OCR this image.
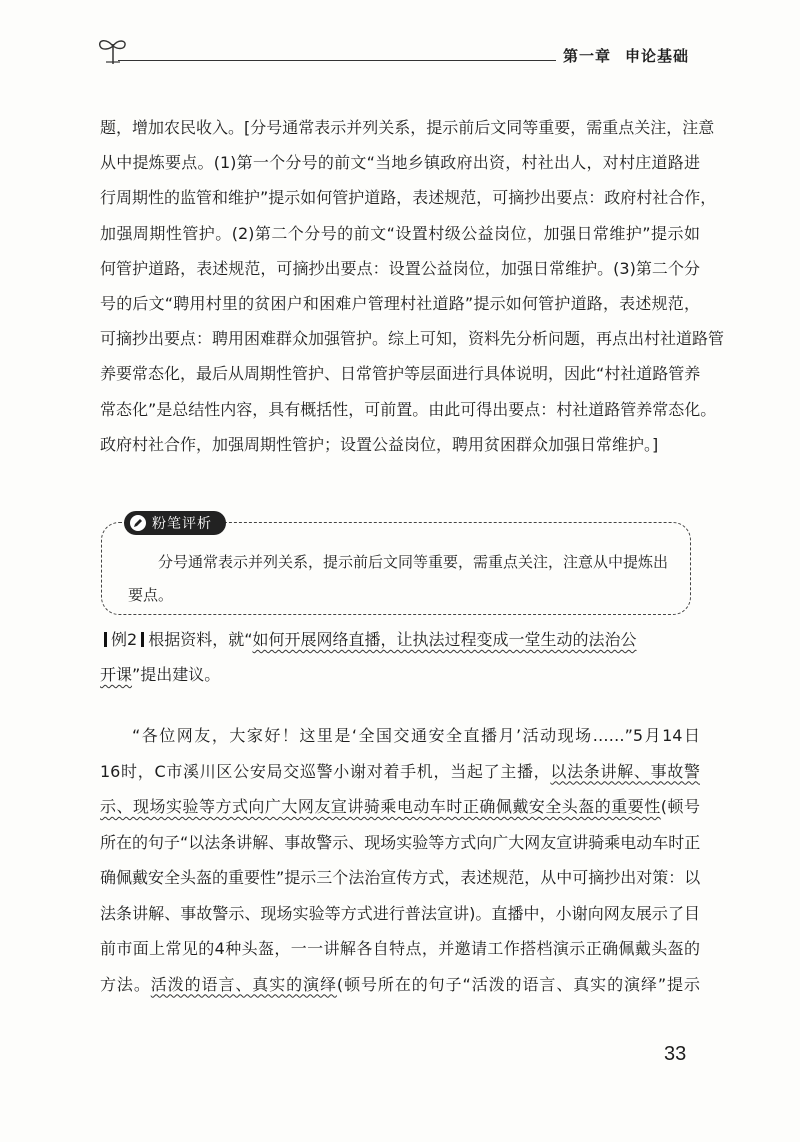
第一章 申论基础
题，增加农民收入。[分号通常表示并列关系，提示前后文同等重要，需重点关注，注意
从中提炼要点。(1)第一个分号的前文“当地乡镇政府出资，村社出人，对村庄道路进
行周期性的监管和维护”提示如何管护道路，表述规范，可摘抄出要点：政府村社合作，
加强周期性管护。(2)第二个分号的前文“设置村级公益岗位，加强日常维护”提示如
何管护道路，表述规范，可摘抄出要点：设置公益岗位，加强日常维护。(3)第二个分
号的后文“聘用村里的贫困户和困难户管理村社道路”提示如何管护道路，表述规范，
可摘抄出要点：聘用困难群众加强管护。综上可知，资料先分析问题，再点出村社道路管
养要常态化，最后从周期性管护、日常管护等层面进行具体说明，因此“村社道路管养
常态化”是总结性内容，具有概括性，可前置。由此可得出要点：村社道路管养常态化。
政府村社合作，加强周期性管护；设置公益岗位，聘用贫困群众加强日常维护。]
粉笔评析
分号通常表示并列关系，提示前后文同等重要，需重点关注，注意从中提炼出
要点。
例2 根据资料，就“如何开展网络直播，让执法过程变成一堂生动的法治公
开课”提出建议。
“各位网友，大家好！这里是‘全国交通安全直播月’活动现场……”5月14日
16时，C市溪川区公安局交巡警小谢对着手机，当起了主播，以法条讲解、事故警
示、现场实验等方式向广大网友宣讲骑乘电动车时正确佩戴安全头盔的重要性(顿号
所在的句子“以法条讲解、事故警示、现场实验等方式向广大网友宣讲骑乘电动车时正
确佩戴安全头盔的重要性”提示三个法治宣传方式，表述规范，从中可摘抄出对策：以
法条讲解、事故警示、现场实验等方式进行普法宣讲)。直播中，小谢向网友展示了目
前市面上常见的4种头盔，一一讲解各自特点，并邀请工作搭档演示正确佩戴头盔的
方法。活泼的语言、真实的演绎(顿号所在的句子“活泼的语言、真实的演绎”提示
33
